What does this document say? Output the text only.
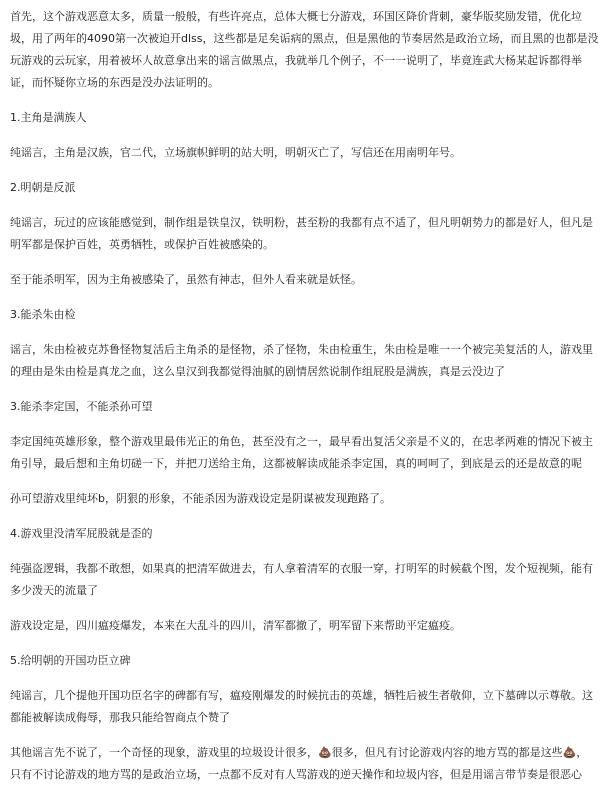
首先，这个游戏恶意太多，质量一般般，有些许亮点，总体大概七分游戏，环国区降价背刺，豪华版奖励发错，优化垃
圾，用了两年的4090第一次被迫开dlss，这些都是足矣诟病的黑点，但是黑他的节奏居然是政治立场，而且黑的也都是没
玩游戏的云玩家，用着被坏人故意拿出来的谣言做黑点，我就举几个例子，不一一说明了，毕竟连武大杨某起诉都得举
证，而怀疑你立场的东西是没办法证明的。
1.主角是满族人
纯谣言，主角是汉族，官二代，立场旗帜鲜明的站大明，明朝灭亡了，写信还在用南明年号。
2.明朝是反派
纯谣言，玩过的应该能感觉到，制作组是铁皇汉，铁明粉，甚至粉的我都有点不适了，但凡明朝势力的都是好人，但凡是
明军都是保护百姓，英勇牺牲，或保护百姓被感染的。
至于能杀明军，因为主角被感染了，虽然有神志，但外人看来就是妖怪。
3.能杀朱由检
谣言，朱由检被克苏鲁怪物复活后主角杀的是怪物，杀了怪物，朱由检重生，朱由检是唯一一个被完美复活的人，游戏里
的理由是朱由检是真龙之血，这么皇汉到我都觉得油腻的剧情居然说制作组屁股是满族，真是云没边了
3.能杀李定国，不能杀孙可望
李定国纯英雄形象，整个游戏里最伟光正的角色，甚至没有之一，最早看出复活父亲是不义的，在忠孝两难的情况下被主
角引导，最后想和主角切磋一下，并把刀送给主角，这都被解读成能杀李定国，真的呵呵了，到底是云的还是故意的呢
孙可望游戏里纯坏b，阴狠的形象，不能杀因为游戏设定是阴谋被发现跑路了。
4.游戏里没清军屁股就是歪的
纯强盗逻辑，我都不敢想，如果真的把清军做进去，有人拿着清军的衣服一穿，打明军的时候截个图，发个短视频，能有
多少泼天的流量了
游戏设定是，四川瘟疫爆发，本来在大乱斗的四川，清军都撤了，明军留下来帮助平定瘟疫。
5.给明朝的开国功臣立碑
纯谣言，几个提他开国功臣名字的碑都有写，瘟疫刚爆发的时候抗击的英雄，牺牲后被生者敬仰，立下墓碑以示尊敬。这
都能被解读成侮辱，那我只能给智商点个赞了
其他谣言先不说了，一个奇怪的现象，游戏里的垃圾设计很多，💩很多，但凡有讨论游戏内容的地方骂的都是这些💩，
只有不讨论游戏的地方骂的是政治立场，一点都不反对有人骂游戏的逆天操作和垃圾内容，但是用谣言带节奏是很恶心
